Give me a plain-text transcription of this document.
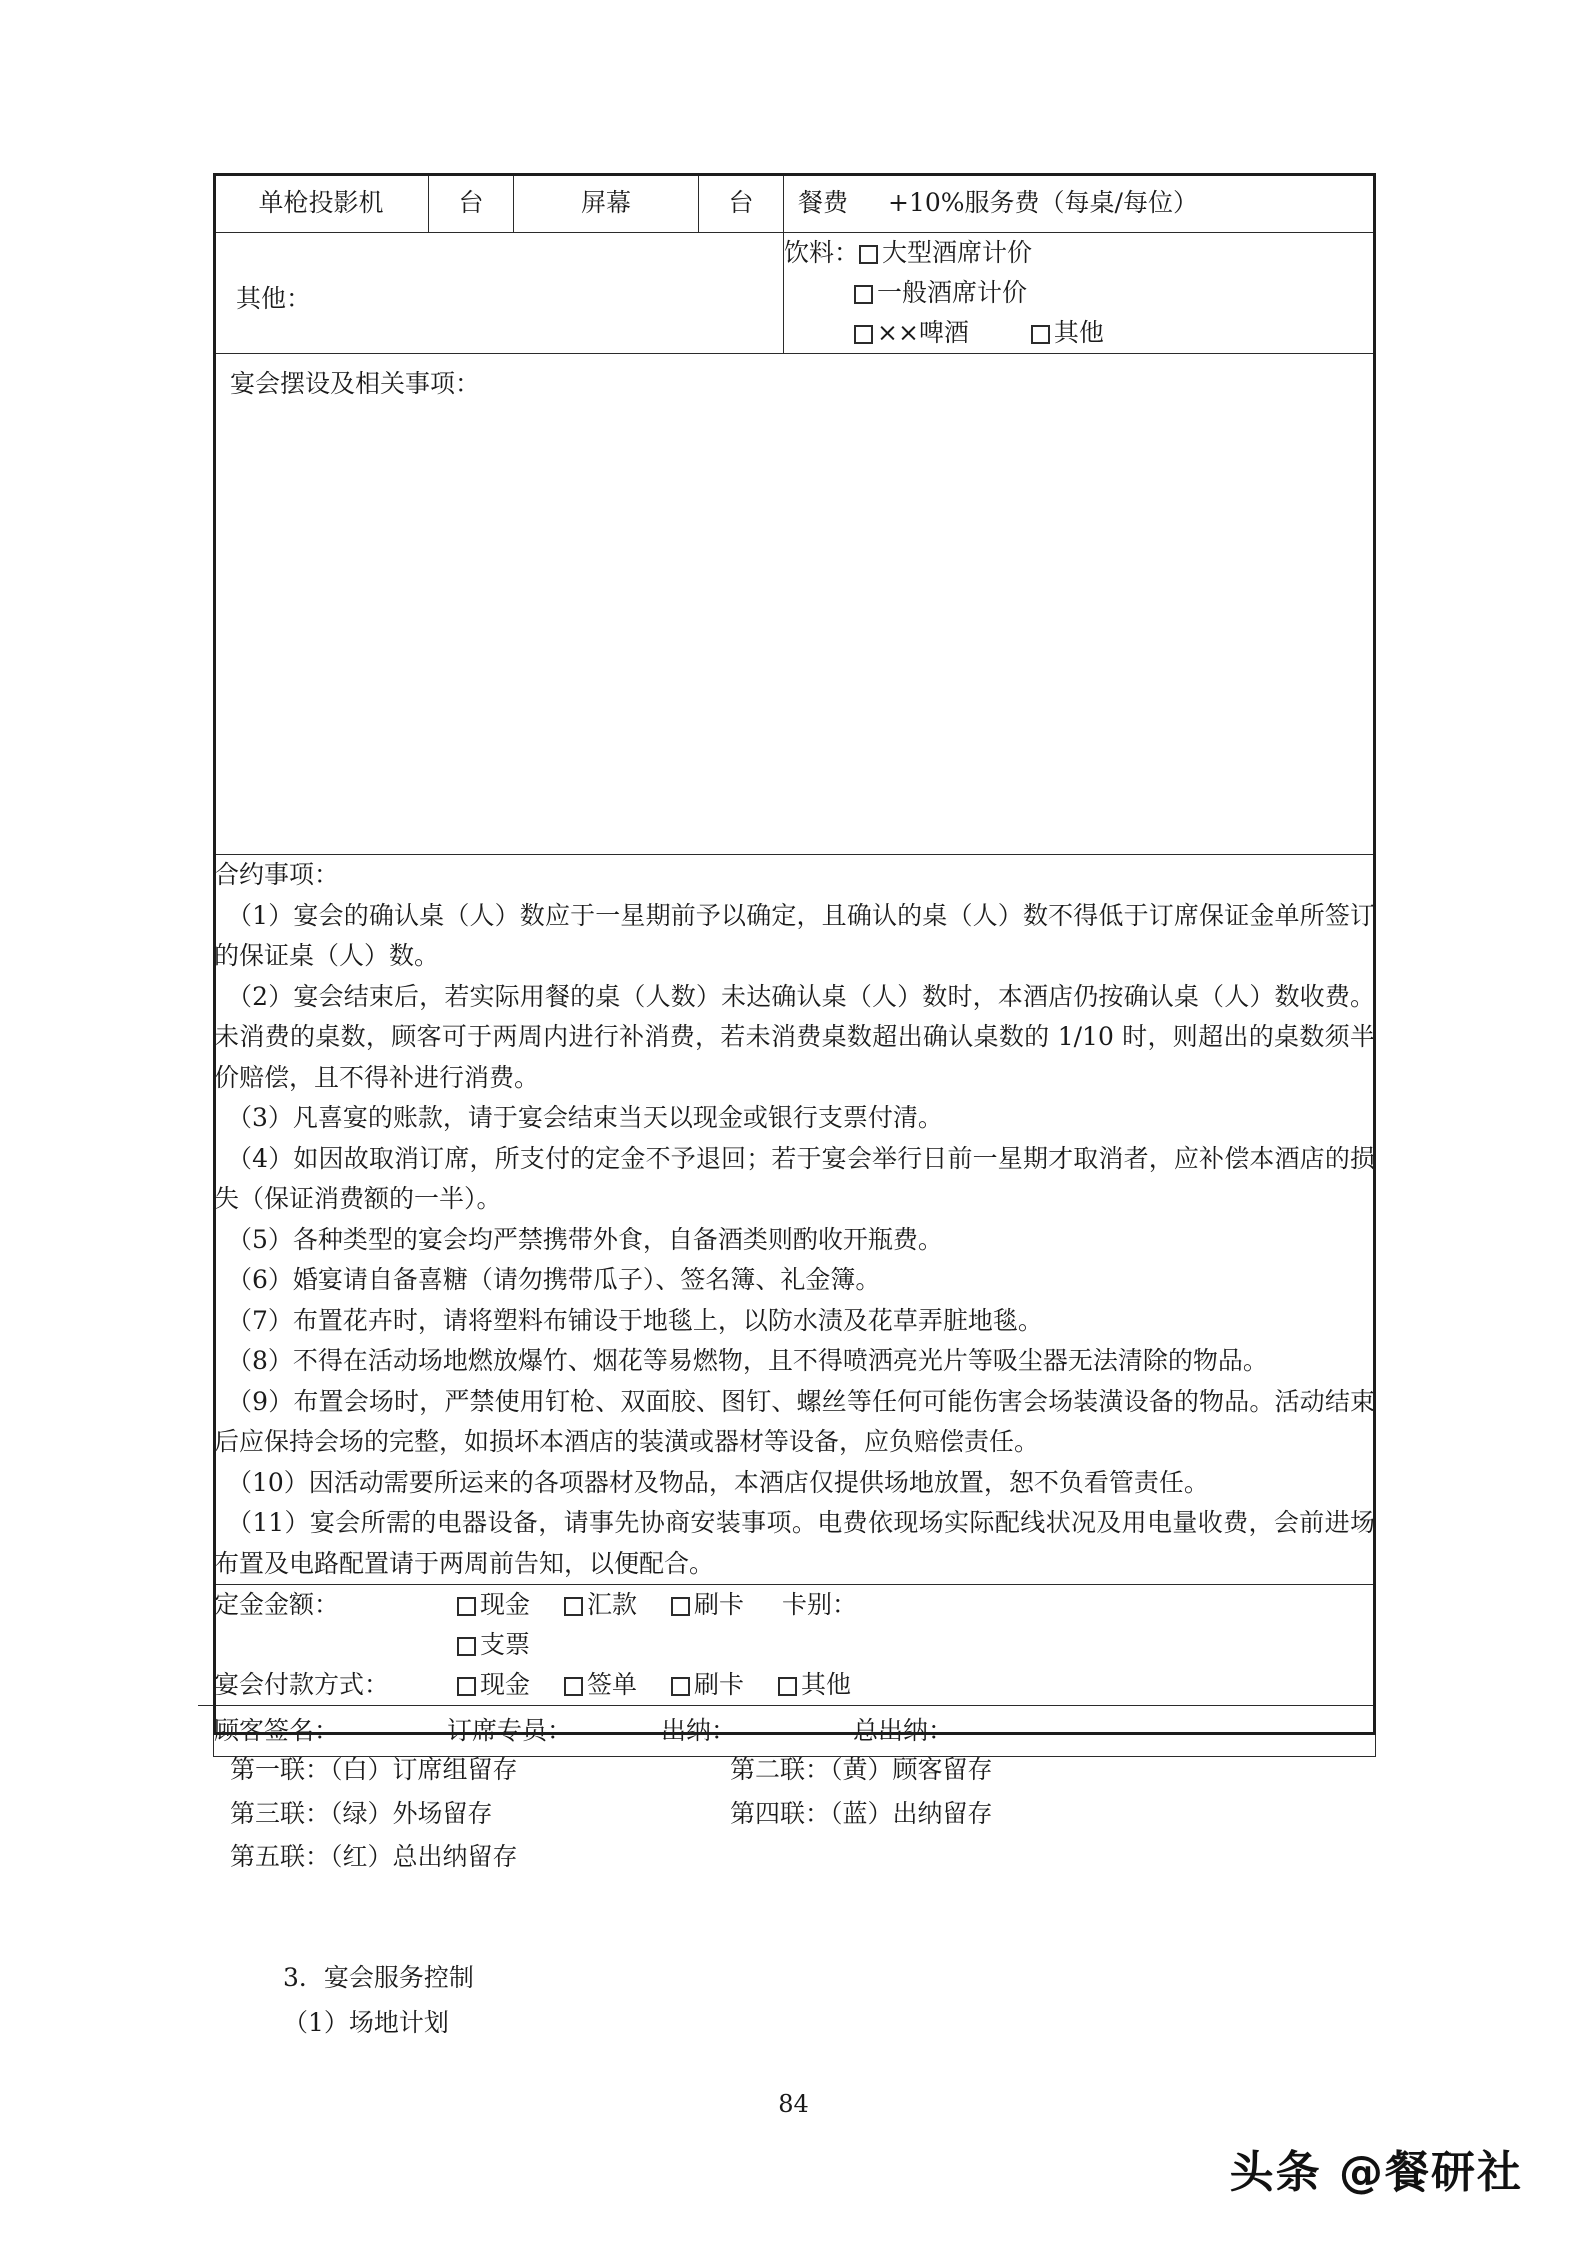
单枪投影机	台	屏幕	台	餐费 +10%服务费（每桌/每位）

其他：				饮料： 大型酒席计价
一般酒席计价
××啤酒 其他

宴会摆设及相关事项：				

合约事项：

（1）宴会的确认桌（人）数应于一星期前予以确定，且确认的桌（人）数不得低于订席保证金单所签订的保证桌（人）数。

（2）宴会结束后，若实际用餐的桌（人数）未达确认桌（人）数时，本酒店仍按确认桌（人）数收费。未消费的桌数，顾客可于两周内进行补消费，若未消费桌数超出确认桌数的 1/10 时，则超出的桌数须半价赔偿，且不得补进行消费。

（3）凡喜宴的账款，请于宴会结束当天以现金或银行支票付清。

（4）如因故取消订席，所支付的定金不予退回；若于宴会举行日前一星期才取消者，应补偿本酒店的损失（保证消费额的一半）。

（5）各种类型的宴会均严禁携带外食，自备酒类则酌收开瓶费。

（6）婚宴请自备喜糖（请勿携带瓜子）、签名簿、礼金簿。

（7）布置花卉时，请将塑料布铺设于地毯上，以防水渍及花草弄脏地毯。

（8）不得在活动场地燃放爆竹、烟花等易燃物，且不得喷洒亮光片等吸尘器无法清除的物品。

（9）布置会场时，严禁使用钉枪、双面胶、图钉、螺丝等任何可能伤害会场装潢设备的物品。活动结束后应保持会场的完整，如损坏本酒店的装潢或器材等设备，应负赔偿责任。

（10）因活动需要所运来的各项器材及物品，本酒店仅提供场地放置，恕不负看管责任。

（11）宴会所需的电器设备，请事先协商安装事项。电费依现场实际配线状况及用电量收费，会前进场布置及电路配置请于两周前告知，以便配合。

定金金额：	现金 汇款 刷卡 卡别：
支票
宴会付款方式：	现金 签单 刷卡 其他
顾客签名：	订席专员：	出纳：	总出纳：
第一联：（白）订席组留存	第二联：（黄）顾客留存
第三联：（绿）外场留存	第四联：（蓝）出纳留存
第五联：（红）总出纳留存
3．宴会服务控制
（1）场地计划
84
头条 @餐研社
